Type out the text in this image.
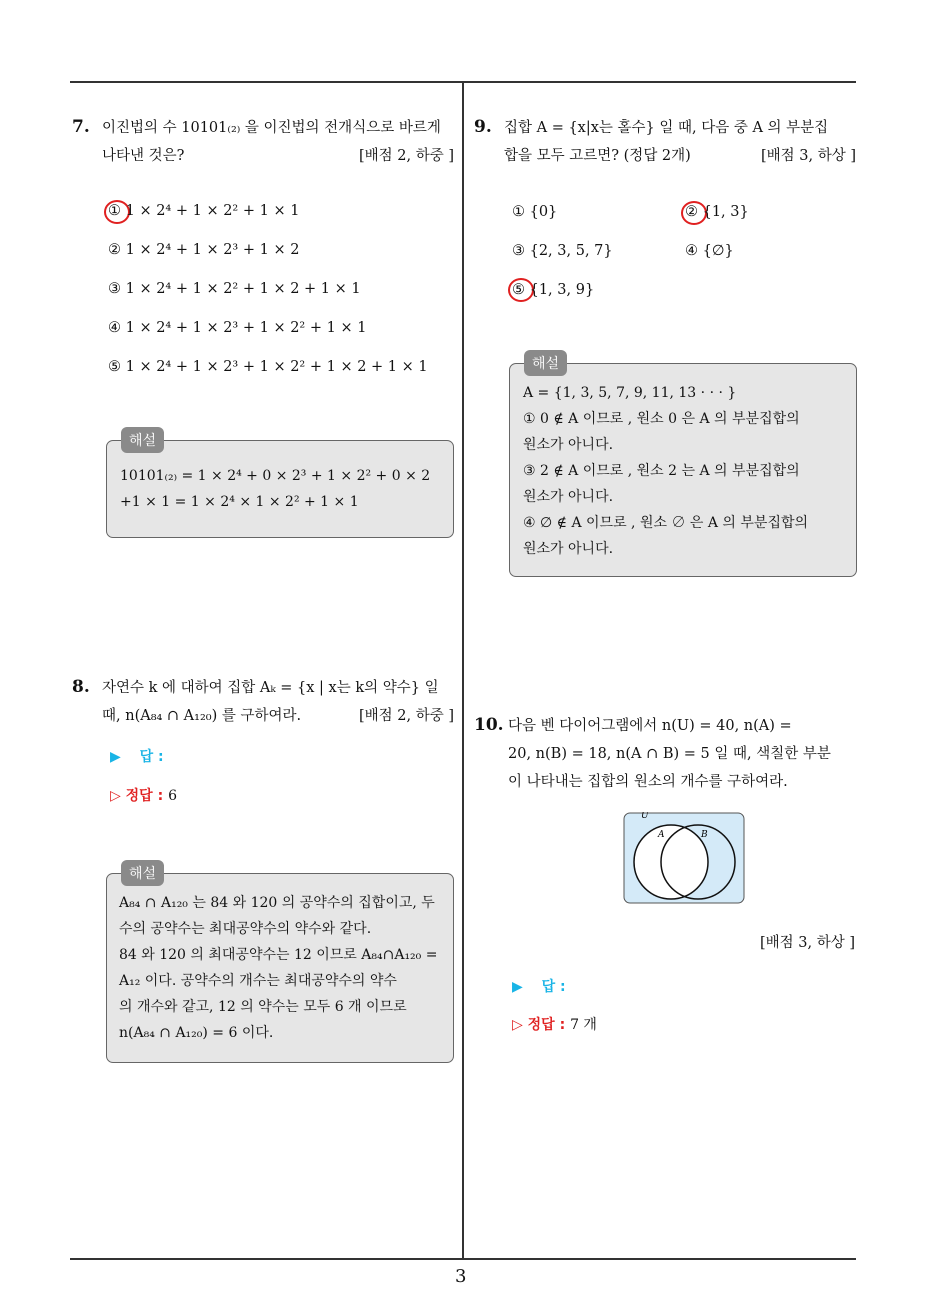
3
7. 이진법의 수 10101₍₂₎ 을 이진법의 전개식으로 바르게
나타낸 것은?	[배점 2, 하중 ]
① 1 × 2⁴ + 1 × 2² + 1 × 1
② 1 × 2⁴ + 1 × 2³ + 1 × 2
③ 1 × 2⁴ + 1 × 2² + 1 × 2 + 1 × 1
④ 1 × 2⁴ + 1 × 2³ + 1 × 2² + 1 × 1
⑤ 1 × 2⁴ + 1 × 2³ + 1 × 2² + 1 × 2 + 1 × 1
해설
10101₍₂₎ = 1 × 2⁴ + 0 × 2³ + 1 × 2² + 0 × 2
+1 × 1 = 1 × 2⁴ × 1 × 2² + 1 × 1
8. 자연수 k 에 대하여 집합 Aₖ = {x | x는 k의 약수} 일
때, n(A₈₄ ∩ A₁₂₀) 를 구하여라.	[배점 2, 하중 ]
▶ 답 :
▷ 정답 : 6
해설
A₈₄ ∩ A₁₂₀ 는 84 와 120 의 공약수의 집합이고, 두
수의 공약수는 최대공약수의 약수와 같다.
84 와 120 의 최대공약수는 12 이므로 A₈₄∩A₁₂₀ =
A₁₂ 이다. 공약수의 개수는 최대공약수의 약수
의 개수와 같고, 12 의 약수는 모두 6 개 이므로
n(A₈₄ ∩ A₁₂₀) = 6 이다.
9. 집합 A = {x|x는 홀수} 일 때, 다음 중 A 의 부분집
합을 모두 고르면? (정답 2개)	[배점 3, 하상 ]
① {0}	② {1, 3}
③ {2, 3, 5, 7}	④ {∅}
⑤ {1, 3, 9}
해설
A = {1, 3, 5, 7, 9, 11, 13 · · · }
① 0 ∉ A 이므로 , 원소 0 은 A 의 부분집합의
원소가 아니다.
③ 2 ∉ A 이므로 , 원소 2 는 A 의 부분집합의
원소가 아니다.
④ ∅ ∉ A 이므로 , 원소 ∅ 은 A 의 부분집합의
원소가 아니다.
10. 다음 벤 다이어그램에서 n(U) = 40, n(A) =
20, n(B) = 18, n(A ∩ B) = 5 일 때, 색칠한 부분
이 나타내는 집합의 원소의 개수를 구하여라.
U
A	B
[배점 3, 하상 ]
▶ 답 :
▷ 정답 : 7 개
